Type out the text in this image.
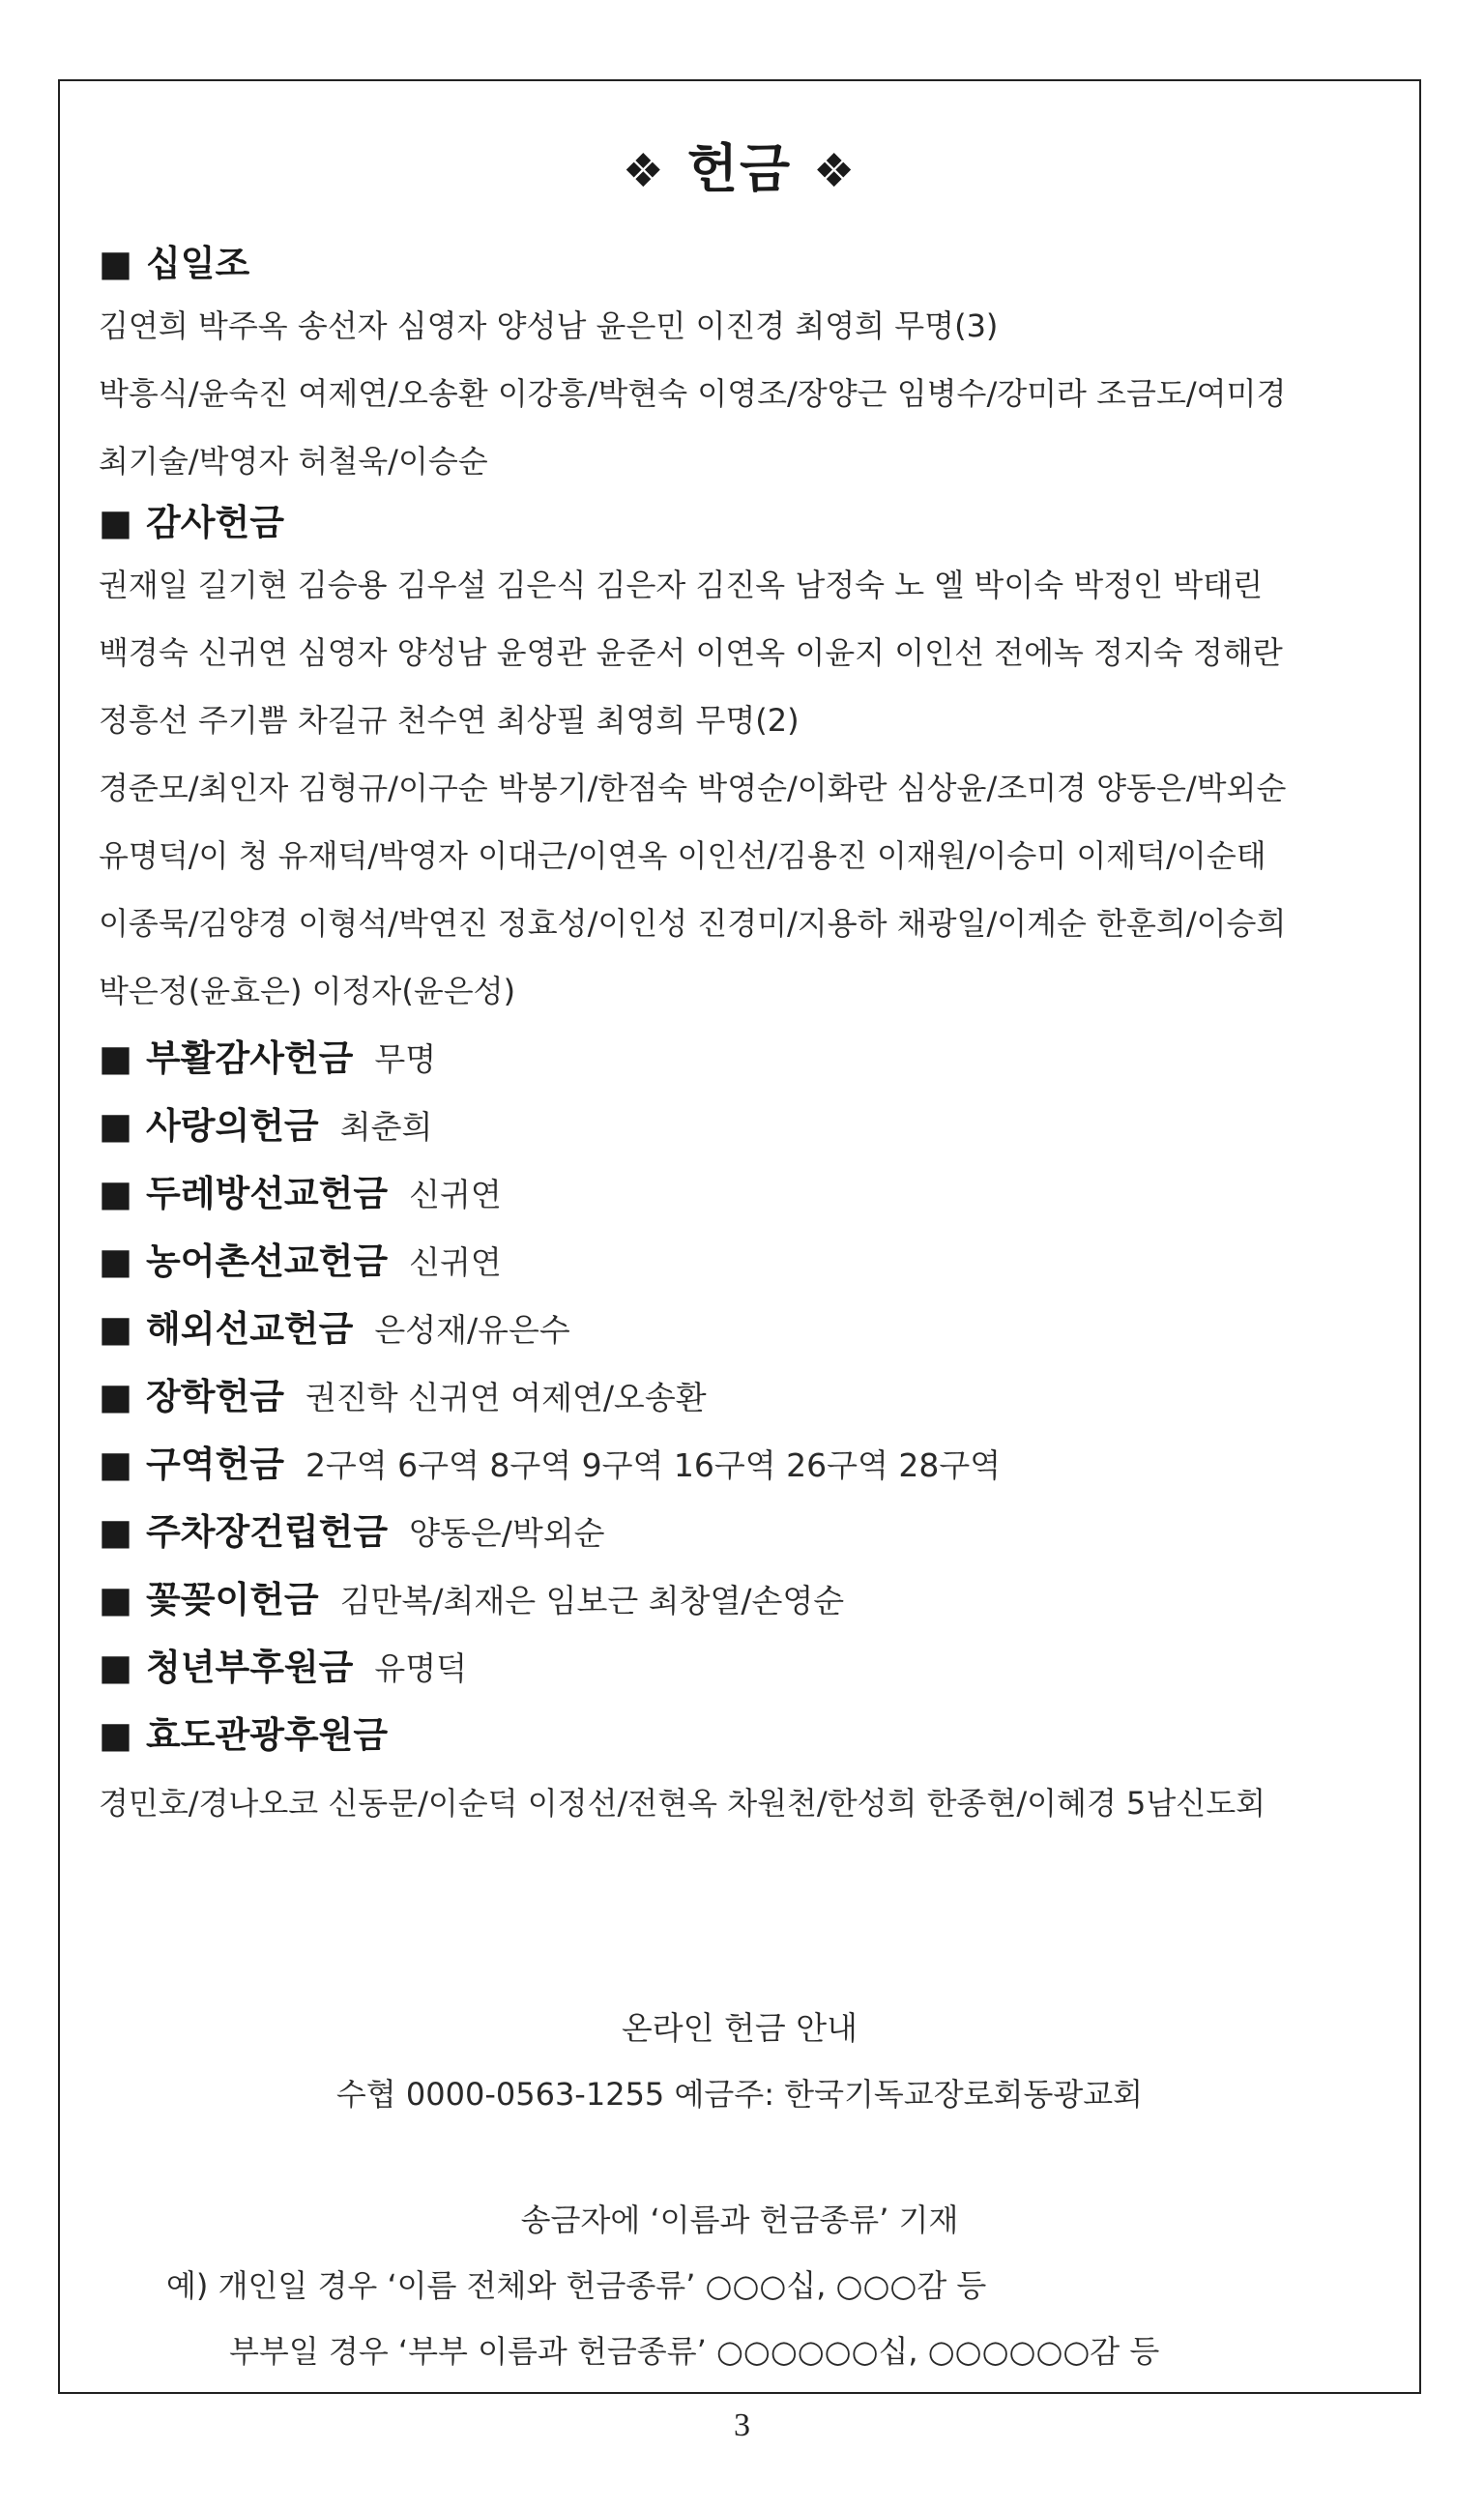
❖ 헌금 ❖
■ 십일조
김연희 박주옥 송선자 심영자 양성남 윤은민 이진경 최영희 무명(3)
박흥식/윤숙진 여제연/오송환 이강흥/박현숙 이영조/장양근 임병수/강미라 조금도/여미경
최기술/박영자 허철욱/이승순
■ 감사헌금
권재일 길기현 김승용 김우설 김은식 김은자 김진옥 남정숙 노 엘 박이숙 박정인 박태린
백경숙 신귀연 심영자 양성남 윤영관 윤준서 이연옥 이윤지 이인선 전에녹 정지숙 정해란
정흥선 주기쁨 차길규 천수연 최상필 최영희 무명(2)
경준모/최인자 김형규/이구순 박봉기/한점숙 박영순/이화란 심상윤/조미경 양동은/박외순
유명덕/이 청 유재덕/박영자 이대근/이연옥 이인선/김용진 이재원/이승미 이제덕/이순태
이종묵/김양경 이형석/박연진 정효성/이인성 진경미/지용하 채광일/이계순 한훈희/이승희
박은정(윤효은) 이정자(윤은성)
■ 부활감사헌금 무명
■ 사랑의헌금 최춘희
■ 두레방선교헌금 신귀연
■ 농어촌선교헌금 신귀연
■ 해외선교헌금 은성재/유은수
■ 장학헌금 권진학 신귀연 여제연/오송환
■ 구역헌금 2구역 6구역 8구역 9구역 16구역 26구역 28구역
■ 주차장건립헌금 양동은/박외순
■ 꽃꽂이헌금 김만복/최재은 임보근 최창열/손영순
■ 청년부후원금 유명덕
■ 효도관광후원금
경민호/경나오코 신동문/이순덕 이정선/전현옥 차원천/한성희 한종현/이혜경 5남신도회
온라인 헌금 안내
수협 0000-0563-1255 예금주: 한국기독교장로회동광교회
송금자에 ‘이름과 헌금종류’ 기재
예) 개인일 경우 ‘이름 전체와 헌금종류’ ○○○십, ○○○감 등
부부일 경우 ‘부부 이름과 헌금종류’ ○○○○○○십, ○○○○○○감 등
3
